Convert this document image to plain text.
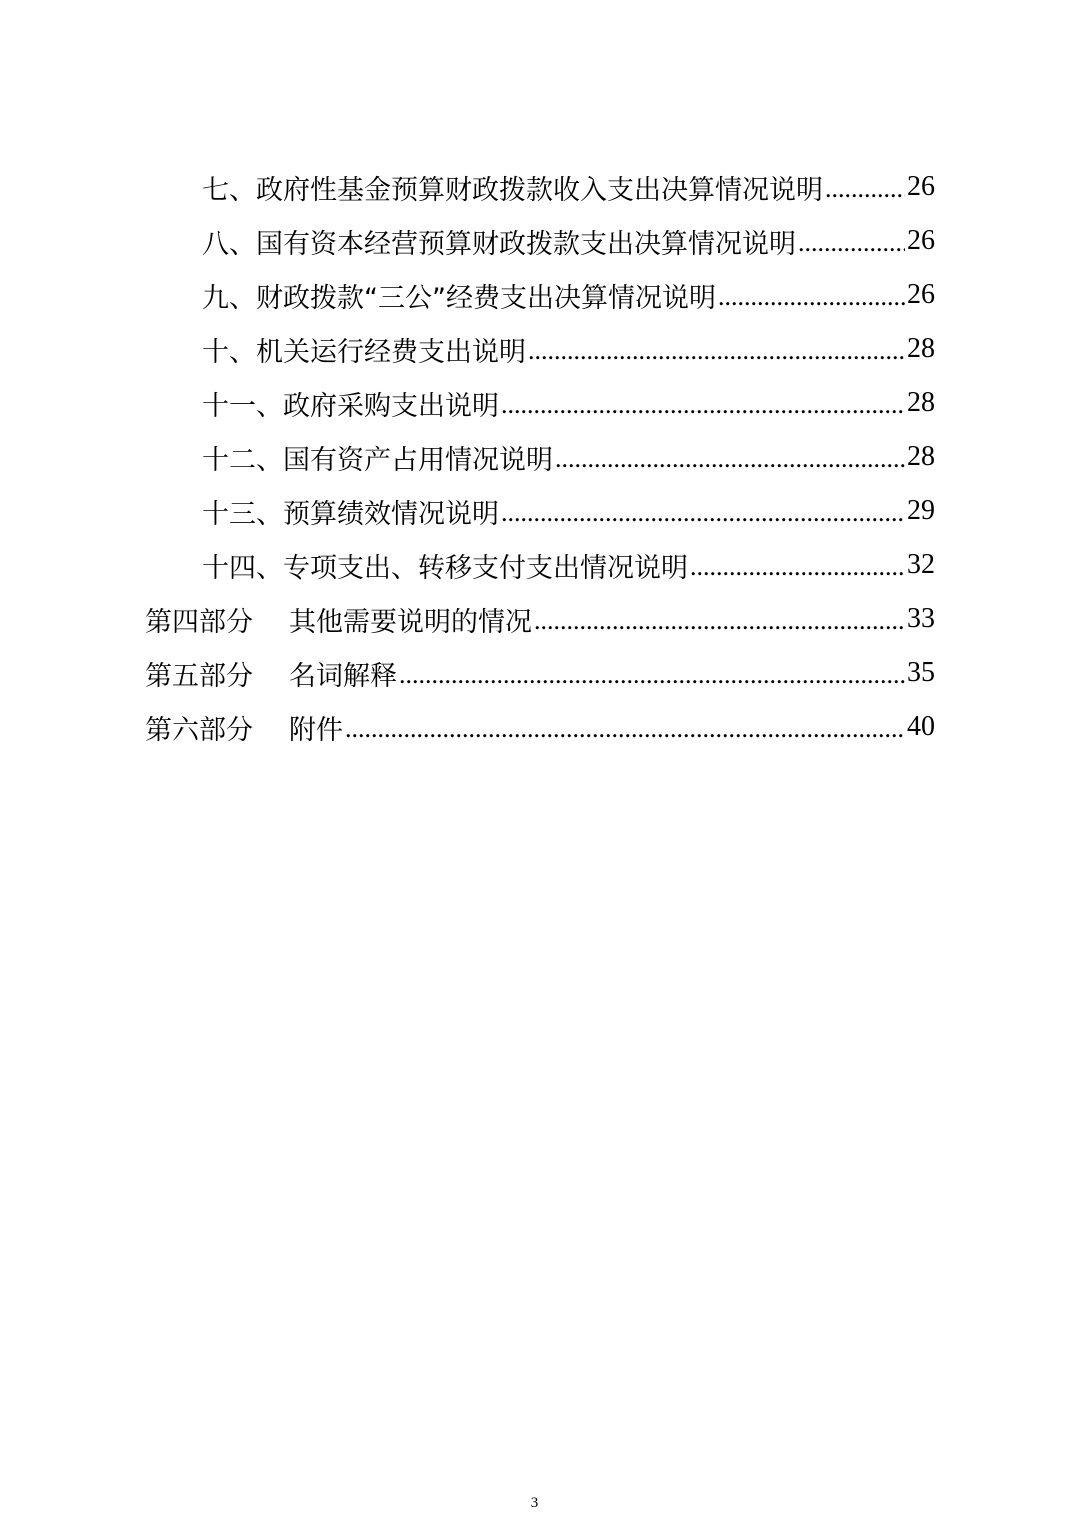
七、政府性基金预算财政拨款收入支出决算情况说明 .....	26
八、国有资本经营预算财政拨款支出决算情况说明 .....	26
九、财政拨款“三公”经费支出决算情况说明 .....	26
十、机关运行经费支出说明 .....	28
十一、政府采购支出说明 .....	28
十二、国有资产占用情况说明 .....	28
十三、预算绩效情况说明 .....	29
十四、专项支出、转移支付支出情况说明 .....	32
第四部分 其他需要说明的情况 .....	33
第五部分 名词解释 .....	35
第六部分 附件 .....	40
3
